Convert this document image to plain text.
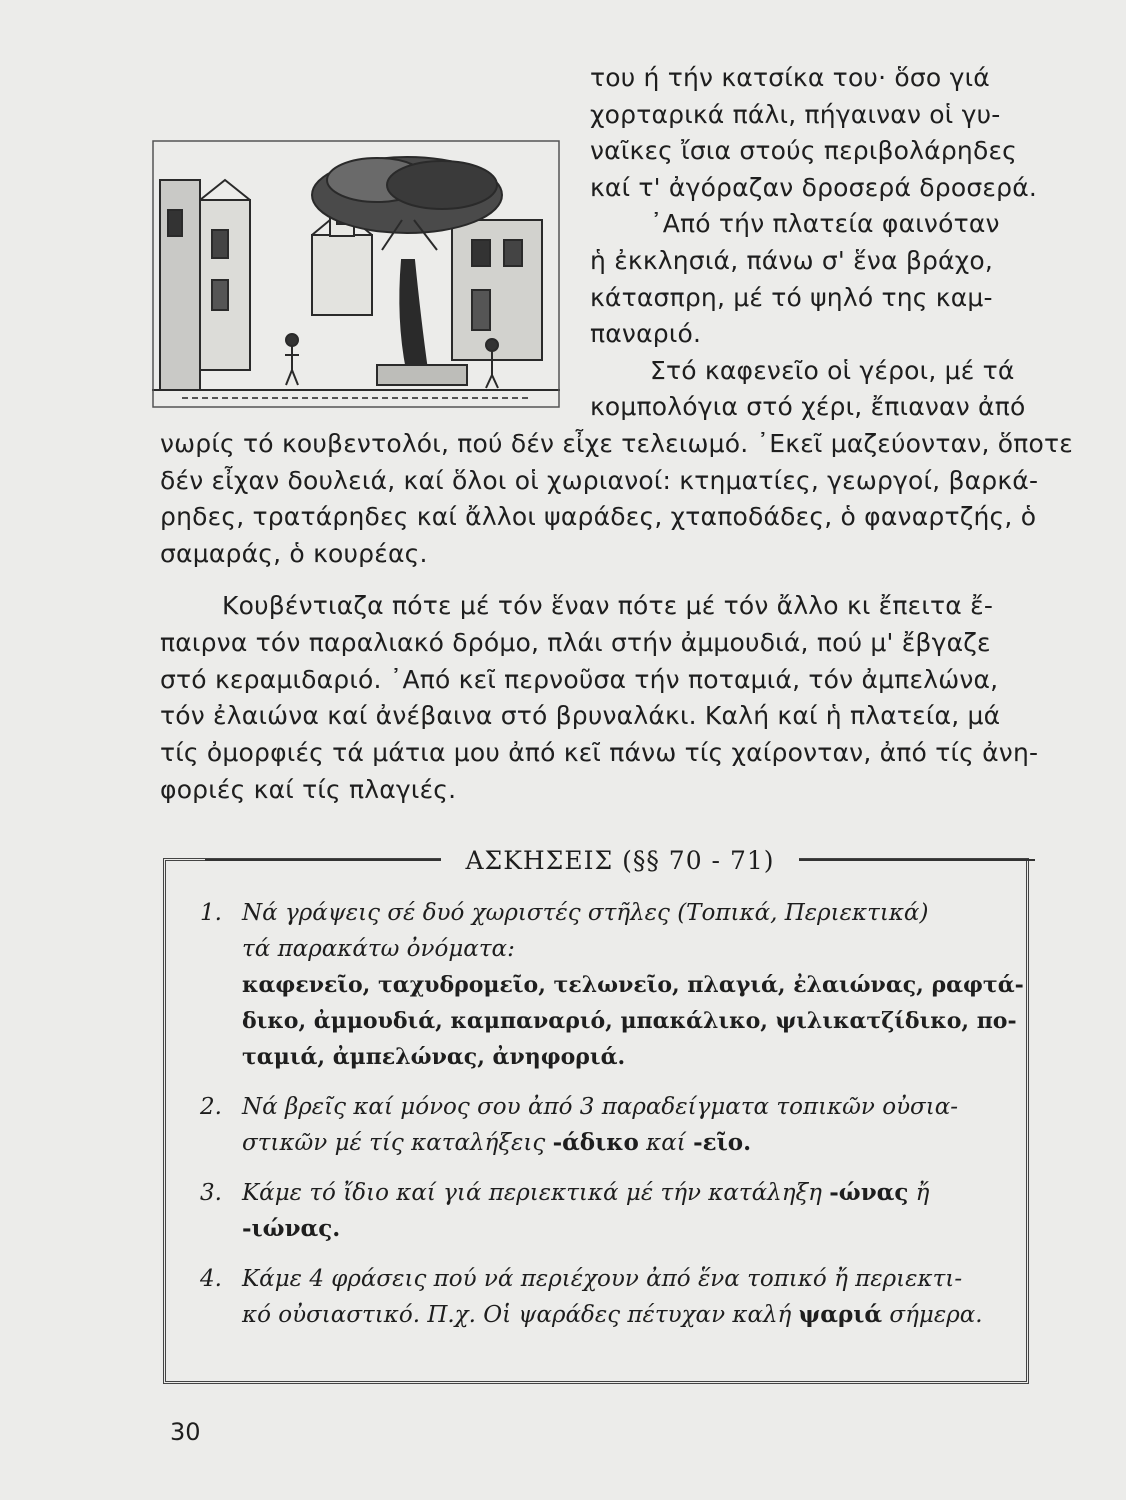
του ή τήν κατσίκα του· ὅσο γιά
χορταρικά πάλι, πήγαιναν οἱ γυ-
ναῖκες ἴσια στούς περιβολάρηδες
καί τ' ἀγόραζαν δροσερά δροσερά.
᾿Από τήν πλατεία φαινόταν
ἡ ἐκκλησιά, πάνω σ' ἕνα βράχο,
κάτασπρη, μέ τό ψηλό της καμ-
παναριό.
Στό καφενεῖο οἱ γέροι, μέ τά
κομπολόγια στό χέρι, ἔπιαναν ἀπό
νωρίς τό κουβεντολόι, πού δέν εἶχε τελειωμό. ᾿Εκεῖ μαζεύονταν, ὅποτε
δέν εἶχαν δουλειά, καί ὅλοι οἱ χωριανοί: κτηματίες, γεωργοί, βαρκά-
ρηδες, τρατάρηδες καί ἄλλοι ψαράδες, χταποδάδες, ὁ φαναρτζής, ὁ
σαμαράς, ὁ κουρέας.
Κουβέντιαζα πότε μέ τόν ἕναν πότε μέ τόν ἄλλο κι ἔπειτα ἔ-
παιρνα τόν παραλιακό δρόμο, πλάι στήν ἀμμουδιά, πού μ' ἔβγαζε
στό κεραμιδαριό. ᾿Από κεῖ περνοῦσα τήν ποταμιά, τόν ἀμπελώνα,
τόν ἐλαιώνα καί ἀνέβαινα στό βρυναλάκι. Καλή καί ἡ πλατεία, μά
τίς ὀμορφιές τά μάτια μου ἀπό κεῖ πάνω τίς χαίρονταν, ἀπό τίς ἀνη-
φοριές καί τίς πλαγιές.
ΑΣΚΗΣΕΙΣ (§§ 70 - 71)
1. Νά γράψεις σέ δυό χωριστές στῆλες (Τοπικά, Περιεκτικά)
τά παρακάτω ὀνόματα:
καφενεῖο, ταχυδρομεῖο, τελωνεῖο, πλαγιά, ἐλαιώνας, ραφτά-
δικο, ἀμμουδιά, καμπαναριό, μπακάλικο, ψιλικατζίδικο, πο-
ταμιά, ἀμπελώνας, ἀνηφοριά.
2. Νά βρεῖς καί μόνος σου ἀπό 3 παραδείγματα τοπικῶν οὐσια-
στικῶν μέ τίς καταλήξεις -άδικο καί -εῖο.
3. Κάμε τό ἴδιο καί γιά περιεκτικά μέ τήν κατάληξη -ώνας ἤ
-ιώνας.
4. Κάμε 4 φράσεις πού νά περιέχουν ἀπό ἕνα τοπικό ἤ περιεκτι-
κό οὐσιαστικό. Π.χ. Οἱ ψαράδες πέτυχαν καλή ψαριά σήμερα.
30
